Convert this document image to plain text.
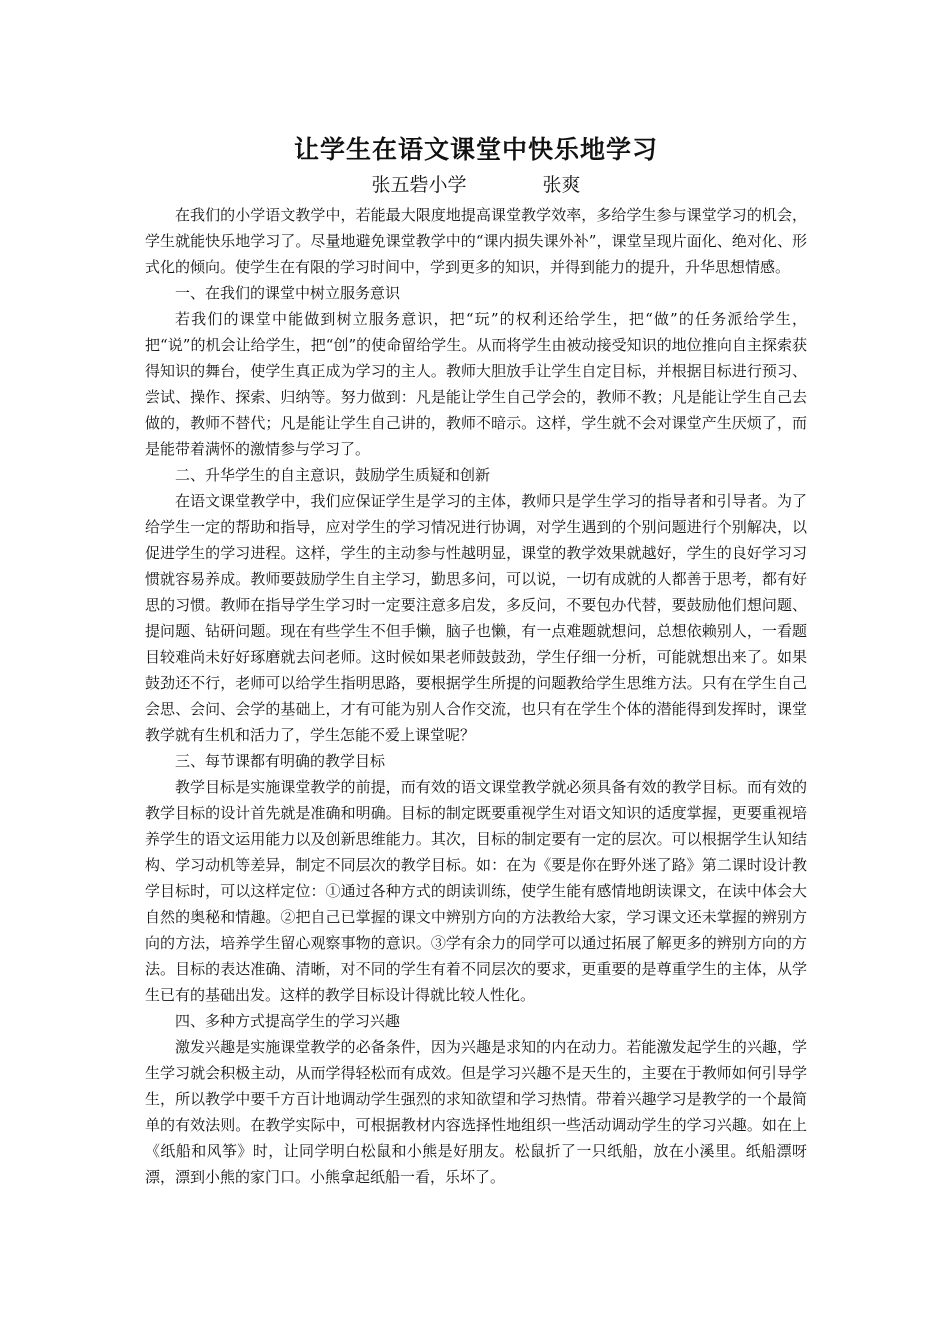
让学生在语文课堂中快乐地学习
张五砦小学	张爽

在我们的小学语文教学中，若能最大限度地提高课堂教学效率，多给学生参与课堂学习的机会，学生就能快乐地学习了。尽量地避免课堂教学中的“课内损失课外补”，课堂呈现片面化、绝对化、形式化的倾向。使学生在有限的学习时间中，学到更多的知识，并得到能力的提升，升华思想情感。

一、在我们的课堂中树立服务意识

若我们的课堂中能做到树立服务意识，把“玩”的权利还给学生，把“做”的任务派给学生，把“说”的机会让给学生，把“创”的使命留给学生。从而将学生由被动接受知识的地位推向自主探索获得知识的舞台，使学生真正成为学习的主人。教师大胆放手让学生自定目标，并根据目标进行预习、尝试、操作、探索、归纳等。努力做到：凡是能让学生自己学会的，教师不教；凡是能让学生自己去做的，教师不替代；凡是能让学生自己讲的，教师不暗示。这样，学生就不会对课堂产生厌烦了，而是能带着满怀的激情参与学习了。

二、升华学生的自主意识，鼓励学生质疑和创新

在语文课堂教学中，我们应保证学生是学习的主体，教师只是学生学习的指导者和引导者。为了给学生一定的帮助和指导，应对学生的学习情况进行协调，对学生遇到的个别问题进行个别解决，以促进学生的学习进程。这样，学生的主动参与性越明显，课堂的教学效果就越好，学生的良好学习习惯就容易养成。教师要鼓励学生自主学习，勤思多问，可以说，一切有成就的人都善于思考，都有好思的习惯。教师在指导学生学习时一定要注意多启发，多反问，不要包办代替，要鼓励他们想问题、提问题、钻研问题。现在有些学生不但手懒，脑子也懒，有一点难题就想问，总想依赖别人，一看题目较难尚未好好琢磨就去问老师。这时候如果老师鼓鼓劲，学生仔细一分析，可能就想出来了。如果鼓劲还不行，老师可以给学生指明思路，要根据学生所提的问题教给学生思维方法。只有在学生自己会思、会问、会学的基础上，才有可能为别人合作交流，也只有在学生个体的潜能得到发挥时，课堂教学就有生机和活力了，学生怎能不爱上课堂呢？

三、每节课都有明确的教学目标

教学目标是实施课堂教学的前提，而有效的语文课堂教学就必须具备有效的教学目标。而有效的教学目标的设计首先就是准确和明确。目标的制定既要重视学生对语文知识的适度掌握，更要重视培养学生的语文运用能力以及创新思维能力。其次，目标的制定要有一定的层次。可以根据学生认知结构、学习动机等差异，制定不同层次的教学目标。如：在为《要是你在野外迷了路》第二课时设计教学目标时，可以这样定位：①通过各种方式的朗读训练，使学生能有感情地朗读课文，在读中体会大自然的奥秘和情趣。②把自己已掌握的课文中辨别方向的方法教给大家，学习课文还未掌握的辨别方向的方法，培养学生留心观察事物的意识。③学有余力的同学可以通过拓展了解更多的辨别方向的方法。目标的表达准确、清晰，对不同的学生有着不同层次的要求，更重要的是尊重学生的主体，从学生已有的基础出发。这样的教学目标设计得就比较人性化。

四、多种方式提高学生的学习兴趣

激发兴趣是实施课堂教学的必备条件，因为兴趣是求知的内在动力。若能激发起学生的兴趣，学生学习就会积极主动，从而学得轻松而有成效。但是学习兴趣不是天生的，主要在于教师如何引导学生，所以教学中要千方百计地调动学生强烈的求知欲望和学习热情。带着兴趣学习是教学的一个最简单的有效法则。在教学实际中，可根据教材内容选择性地组织一些活动调动学生的学习兴趣。如在上《纸船和风筝》时，让同学明白松鼠和小熊是好朋友。松鼠折了一只纸船，放在小溪里。纸船漂呀漂，漂到小熊的家门口。小熊拿起纸船一看，乐坏了。
